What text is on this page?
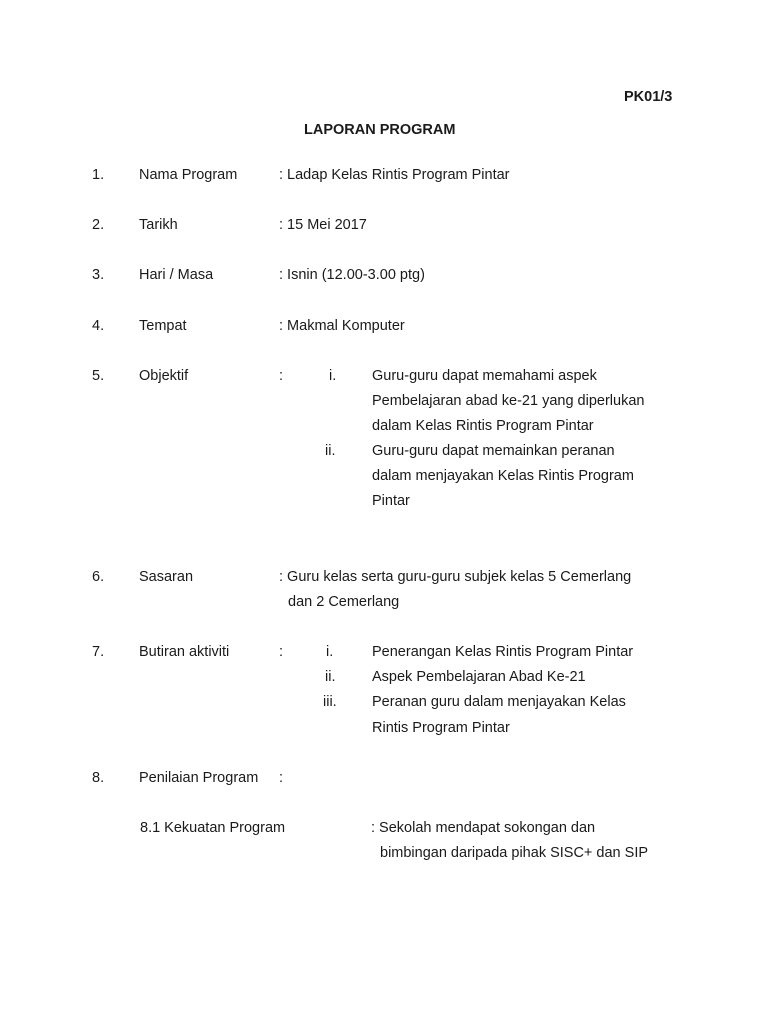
PK01/3
LAPORAN PROGRAM
1. Nama Program	: Ladap Kelas Rintis Program Pintar
2. Tarikh	: 15 Mei 2017
3. Hari / Masa	: Isnin (12.00-3.00 ptg)
4. Tempat	: Makmal Komputer
5. Objektif	:	i. Guru-guru dapat memahami aspek
Pembelajaran abad ke-21 yang diperlukan
dalam Kelas Rintis Program Pintar
ii.	Guru-guru dapat memainkan peranan
dalam menjayakan Kelas Rintis Program
Pintar
6. Sasaran	: Guru kelas serta guru-guru subjek kelas 5 Cemerlang
dan 2 Cemerlang
7. Butiran aktiviti	:	i.	Penerangan Kelas Rintis Program Pintar
ii.	Aspek Pembelajaran Abad Ke-21
iii. Peranan guru dalam menjayakan Kelas
Rintis Program Pintar
8. Penilaian Program :
8.1 Kekuatan Program	: Sekolah mendapat sokongan dan
bimbingan daripada pihak SISC+ dan SIP
